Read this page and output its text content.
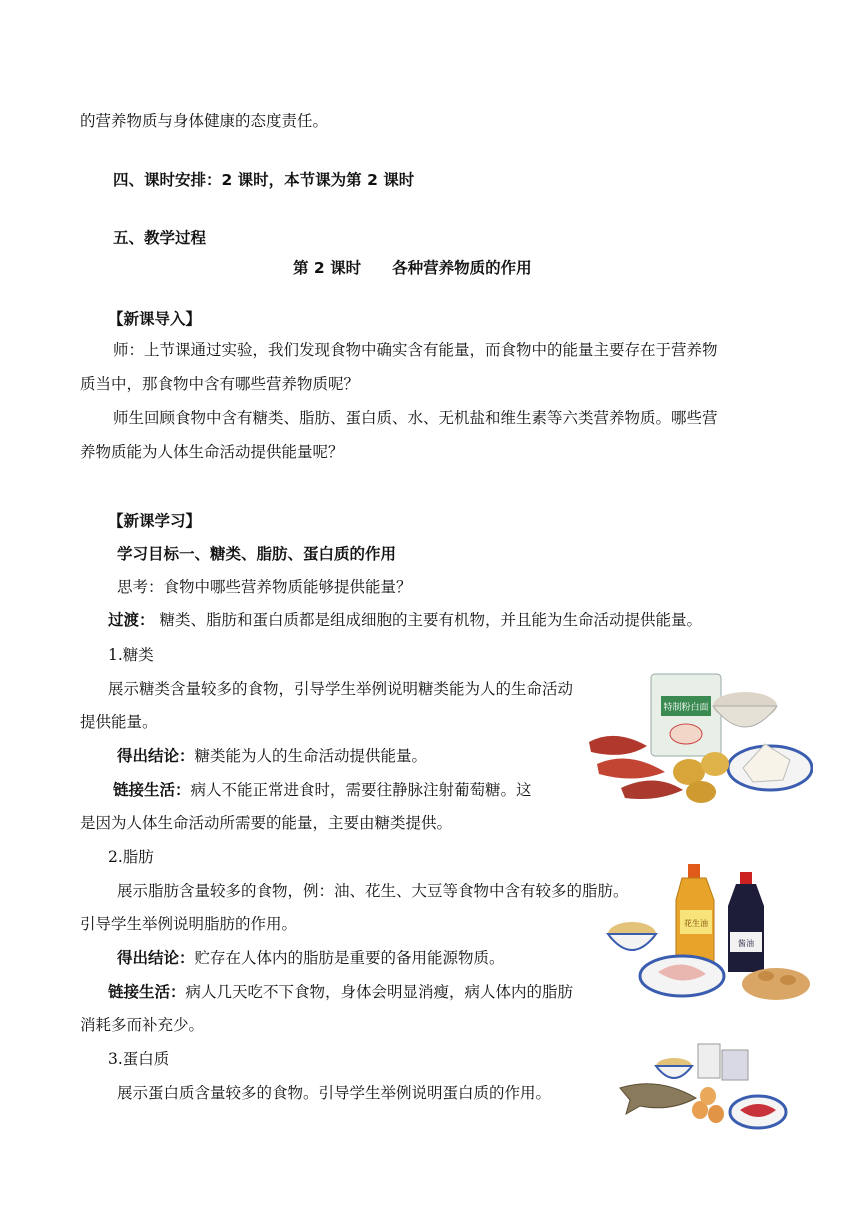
的营养物质与身体健康的态度责任。
四、课时安排：2 课时，本节课为第 2 课时
五、教学过程
第 2 课时　　各种营养物质的作用
【新课导入】
师：上节课通过实验，我们发现食物中确实含有能量，而食物中的能量主要存在于营养物
质当中，那食物中含有哪些营养物质呢？
师生回顾食物中含有糖类、脂肪、蛋白质、水、无机盐和维生素等六类营养物质。哪些营
养物质能为人体生命活动提供能量呢？
【新课学习】
学习目标一、糖类、脂肪、蛋白质的作用
思考：食物中哪些营养物质能够提供能量？
过渡： 糖类、脂肪和蛋白质都是组成细胞的主要有机物，并且能为生命活动提供能量。
1.糖类
展示糖类含量较多的食物，引导学生举例说明糖类能为人的生命活动
提供能量。
得出结论：糖类能为人的生命活动提供能量。
链接生活：病人不能正常进食时，需要往静脉注射葡萄糖。这
是因为人体生命活动所需要的能量，主要由糖类提供。
2.脂肪
展示脂肪含量较多的食物，例：油、花生、大豆等食物中含有较多的脂肪。
引导学生举例说明脂肪的作用。
得出结论：贮存在人体内的脂肪是重要的备用能源物质。
链接生活：病人几天吃不下食物，身体会明显消瘦，病人体内的脂肪
消耗多而补充少。
3.蛋白质
展示蛋白质含量较多的食物。引导学生举例说明蛋白质的作用。
特制粉白面
花生油
酱油
